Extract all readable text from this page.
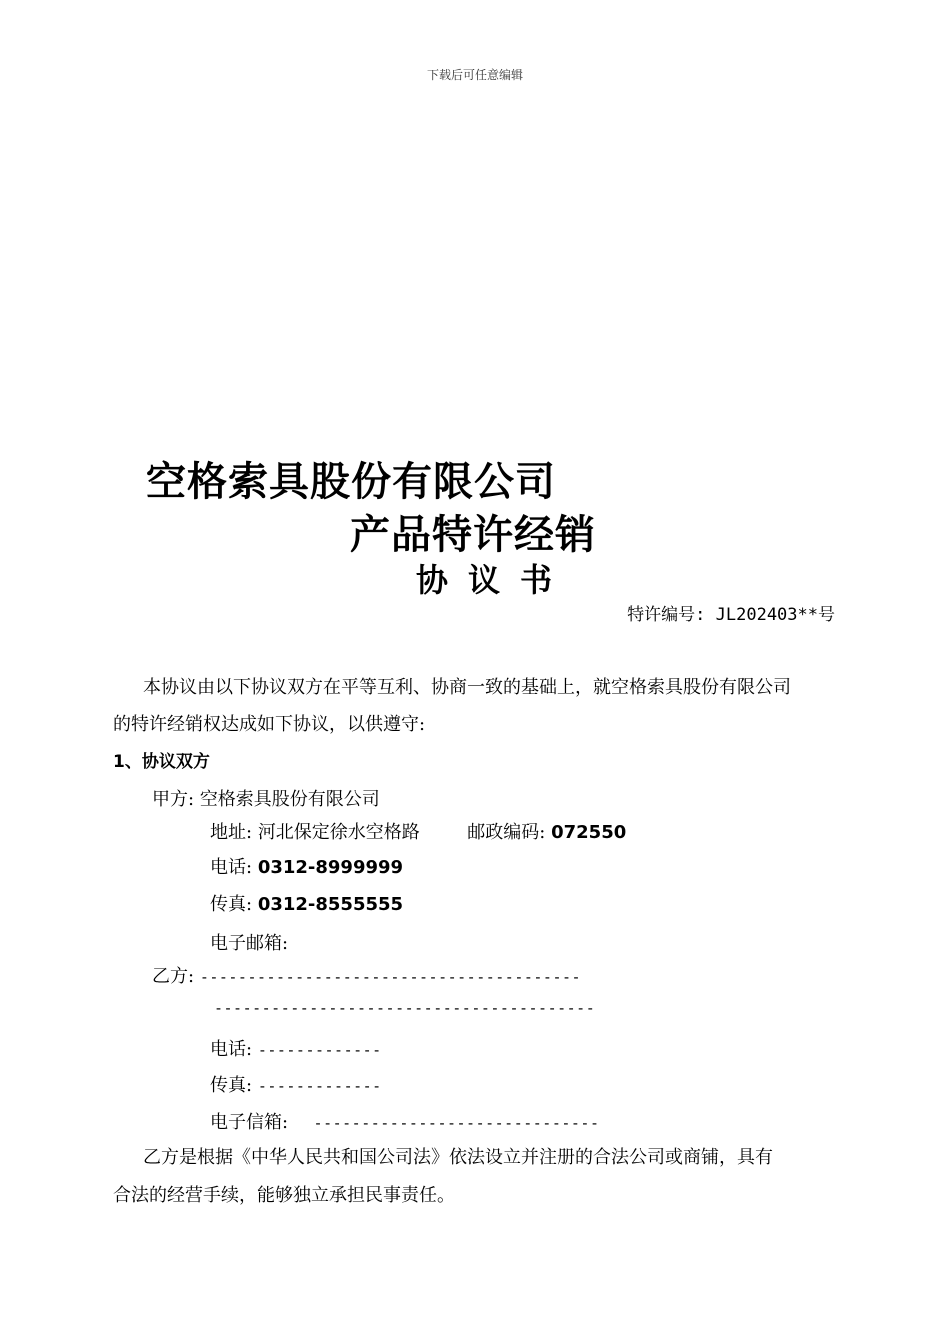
下载后可任意编辑
空格索具股份有限公司
产品特许经销
协议书
特许编号: JL202403**号
本协议由以下协议双方在平等互利、协商一致的基础上，就空格索具股份有限公司
的特许经销权达成如下协议，以供遵守:
1、协议双方
甲方: 空格索具股份有限公司
地址: 河北保定徐水空格路	邮政编码: 072550
电话: 0312-8999999
传真: 0312-8555555
电子邮箱:
乙方: ----------------------------------------
----------------------------------------
电话: -------------
传真: -------------
电子信箱: ------------------------------
乙方是根据《中华人民共和国公司法》依法设立并注册的合法公司或商铺，具有
合法的经营手续，能够独立承担民事责任。
